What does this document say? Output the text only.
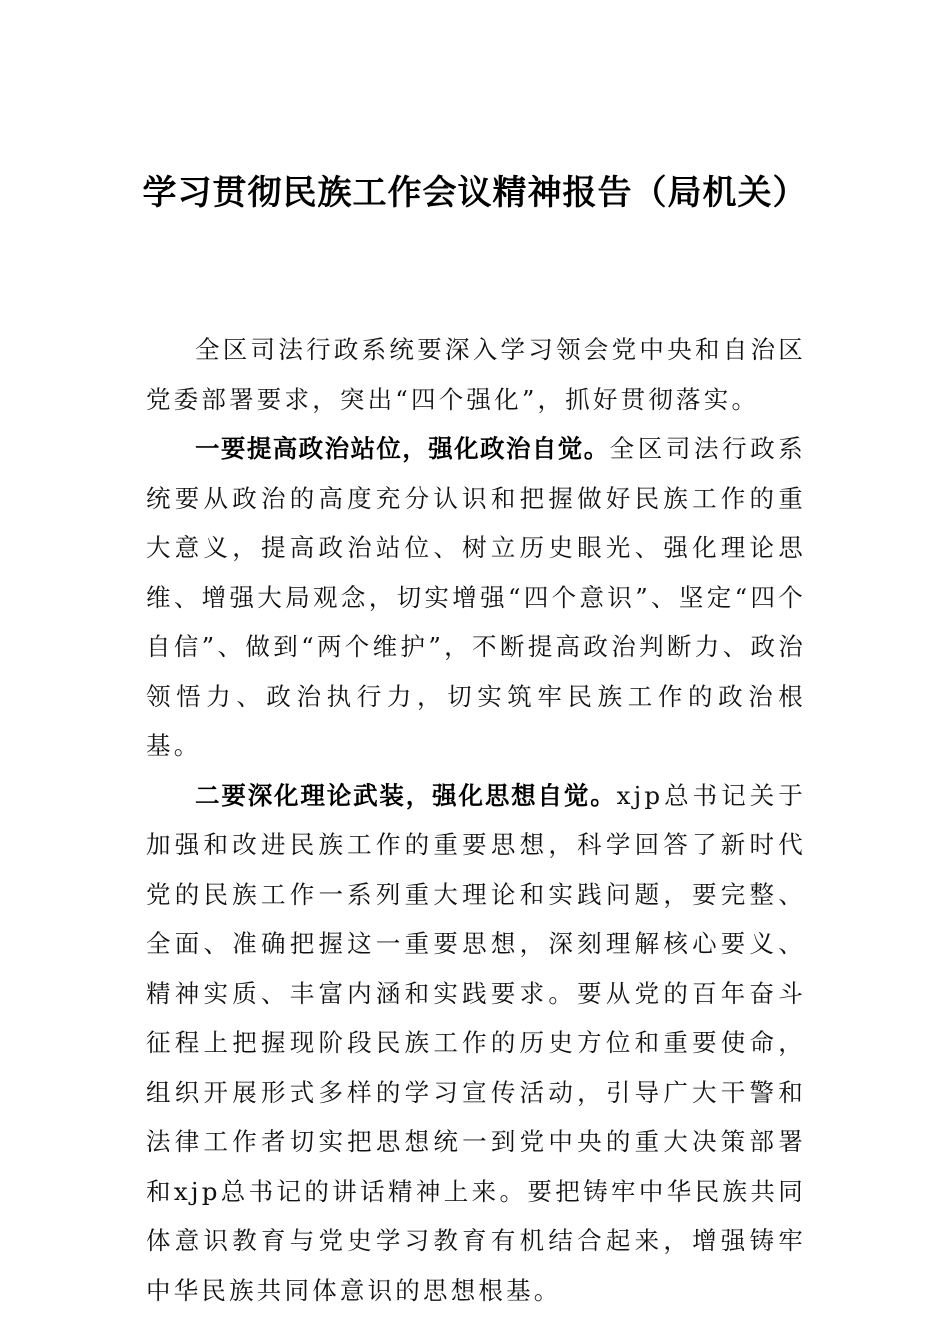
学习贯彻民族工作会议精神报告（局机关）

全区司法行政系统要深入学习领会党中央和自治区党委部署要求，突出“四个强化”，抓好贯彻落实。

一要提高政治站位，强化政治自觉。全区司法行政系统要从政治的高度充分认识和把握做好民族工作的重大意义，提高政治站位、树立历史眼光、强化理论思维、增强大局观念，切实增强“四个意识”、坚定“四个自信”、做到“两个维护”，不断提高政治判断力、政治领悟力、政治执行力，切实筑牢民族工作的政治根基。

二要深化理论武装，强化思想自觉。xjp总书记关于加强和改进民族工作的重要思想，科学回答了新时代党的民族工作一系列重大理论和实践问题，要完整、全面、准确把握这一重要思想，深刻理解核心要义、精神实质、丰富内涵和实践要求。要从党的百年奋斗征程上把握现阶段民族工作的历史方位和重要使命，组织开展形式多样的学习宣传活动，引导广大干警和法律工作者切实把思想统一到党中央的重大决策部署和xjp总书记的讲话精神上来。要把铸牢中华民族共同体意识教育与党史学习教育有机结合起来，增强铸牢中华民族共同体意识的思想根基。
